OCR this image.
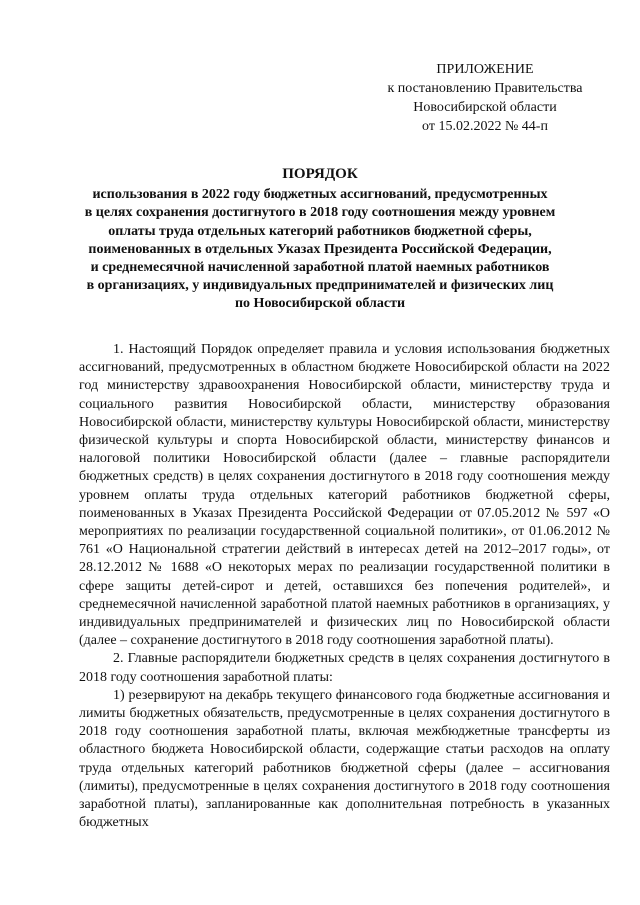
ПРИЛОЖЕНИЕ
к постановлению Правительства
Новосибирской области
от 15.02.2022 № 44-п
ПОРЯДОК
использования в 2022 году бюджетных ассигнований, предусмотренных
в целях сохранения достигнутого в 2018 году соотношения между уровнем
оплаты труда отдельных категорий работников бюджетной сферы,
поименованных в отдельных Указах Президента Российской Федерации,
и среднемесячной начисленной заработной платой наемных работников
в организациях, у индивидуальных предпринимателей и физических лиц
по Новосибирской области

1. Настоящий Порядок определяет правила и условия использования бюджетных ассигнований, предусмотренных в областном бюджете Новосибирской области на 2022 год министерству здравоохранения Новосибирской области, министерству труда и социального развития Новосибирской области, министерству образования Новосибирской области, министерству культуры Новосибирской области, министерству физической культуры и спорта Новосибирской области, министерству финансов и налоговой политики Новосибирской области (далее – главные распорядители бюджетных средств) в целях сохранения достигнутого в 2018 году соотношения между уровнем оплаты труда отдельных категорий работников бюджетной сферы, поименованных в Указах Президента Российской Федерации от 07.05.2012 № 597 «О мероприятиях по реализации государственной социальной политики», от 01.06.2012 № 761 «О Национальной стратегии действий в интересах детей на 2012–2017 годы», от 28.12.2012 № 1688 «О некоторых мерах по реализации государственной политики в сфере защиты детей-сирот и детей, оставшихся без попечения родителей», и среднемесячной начисленной заработной платой наемных работников в организациях, у индивидуальных предпринимателей и физических лиц по Новосибирской области (далее – сохранение достигнутого в 2018 году соотношения заработной платы).

2. Главные распорядители бюджетных средств в целях сохранения достигнутого в 2018 году соотношения заработной платы:

1) резервируют на декабрь текущего финансового года бюджетные ассигнования и лимиты бюджетных обязательств, предусмотренные в целях сохранения достигнутого в 2018 году соотношения заработной платы, включая межбюджетные трансферты из областного бюджета Новосибирской области, содержащие статьи расходов на оплату труда отдельных категорий работников бюджетной сферы (далее – ассигнования (лимиты), предусмотренные в целях сохранения достигнутого в 2018 году соотношения заработной платы), запланированные как дополнительная потребность в указанных бюджетных
